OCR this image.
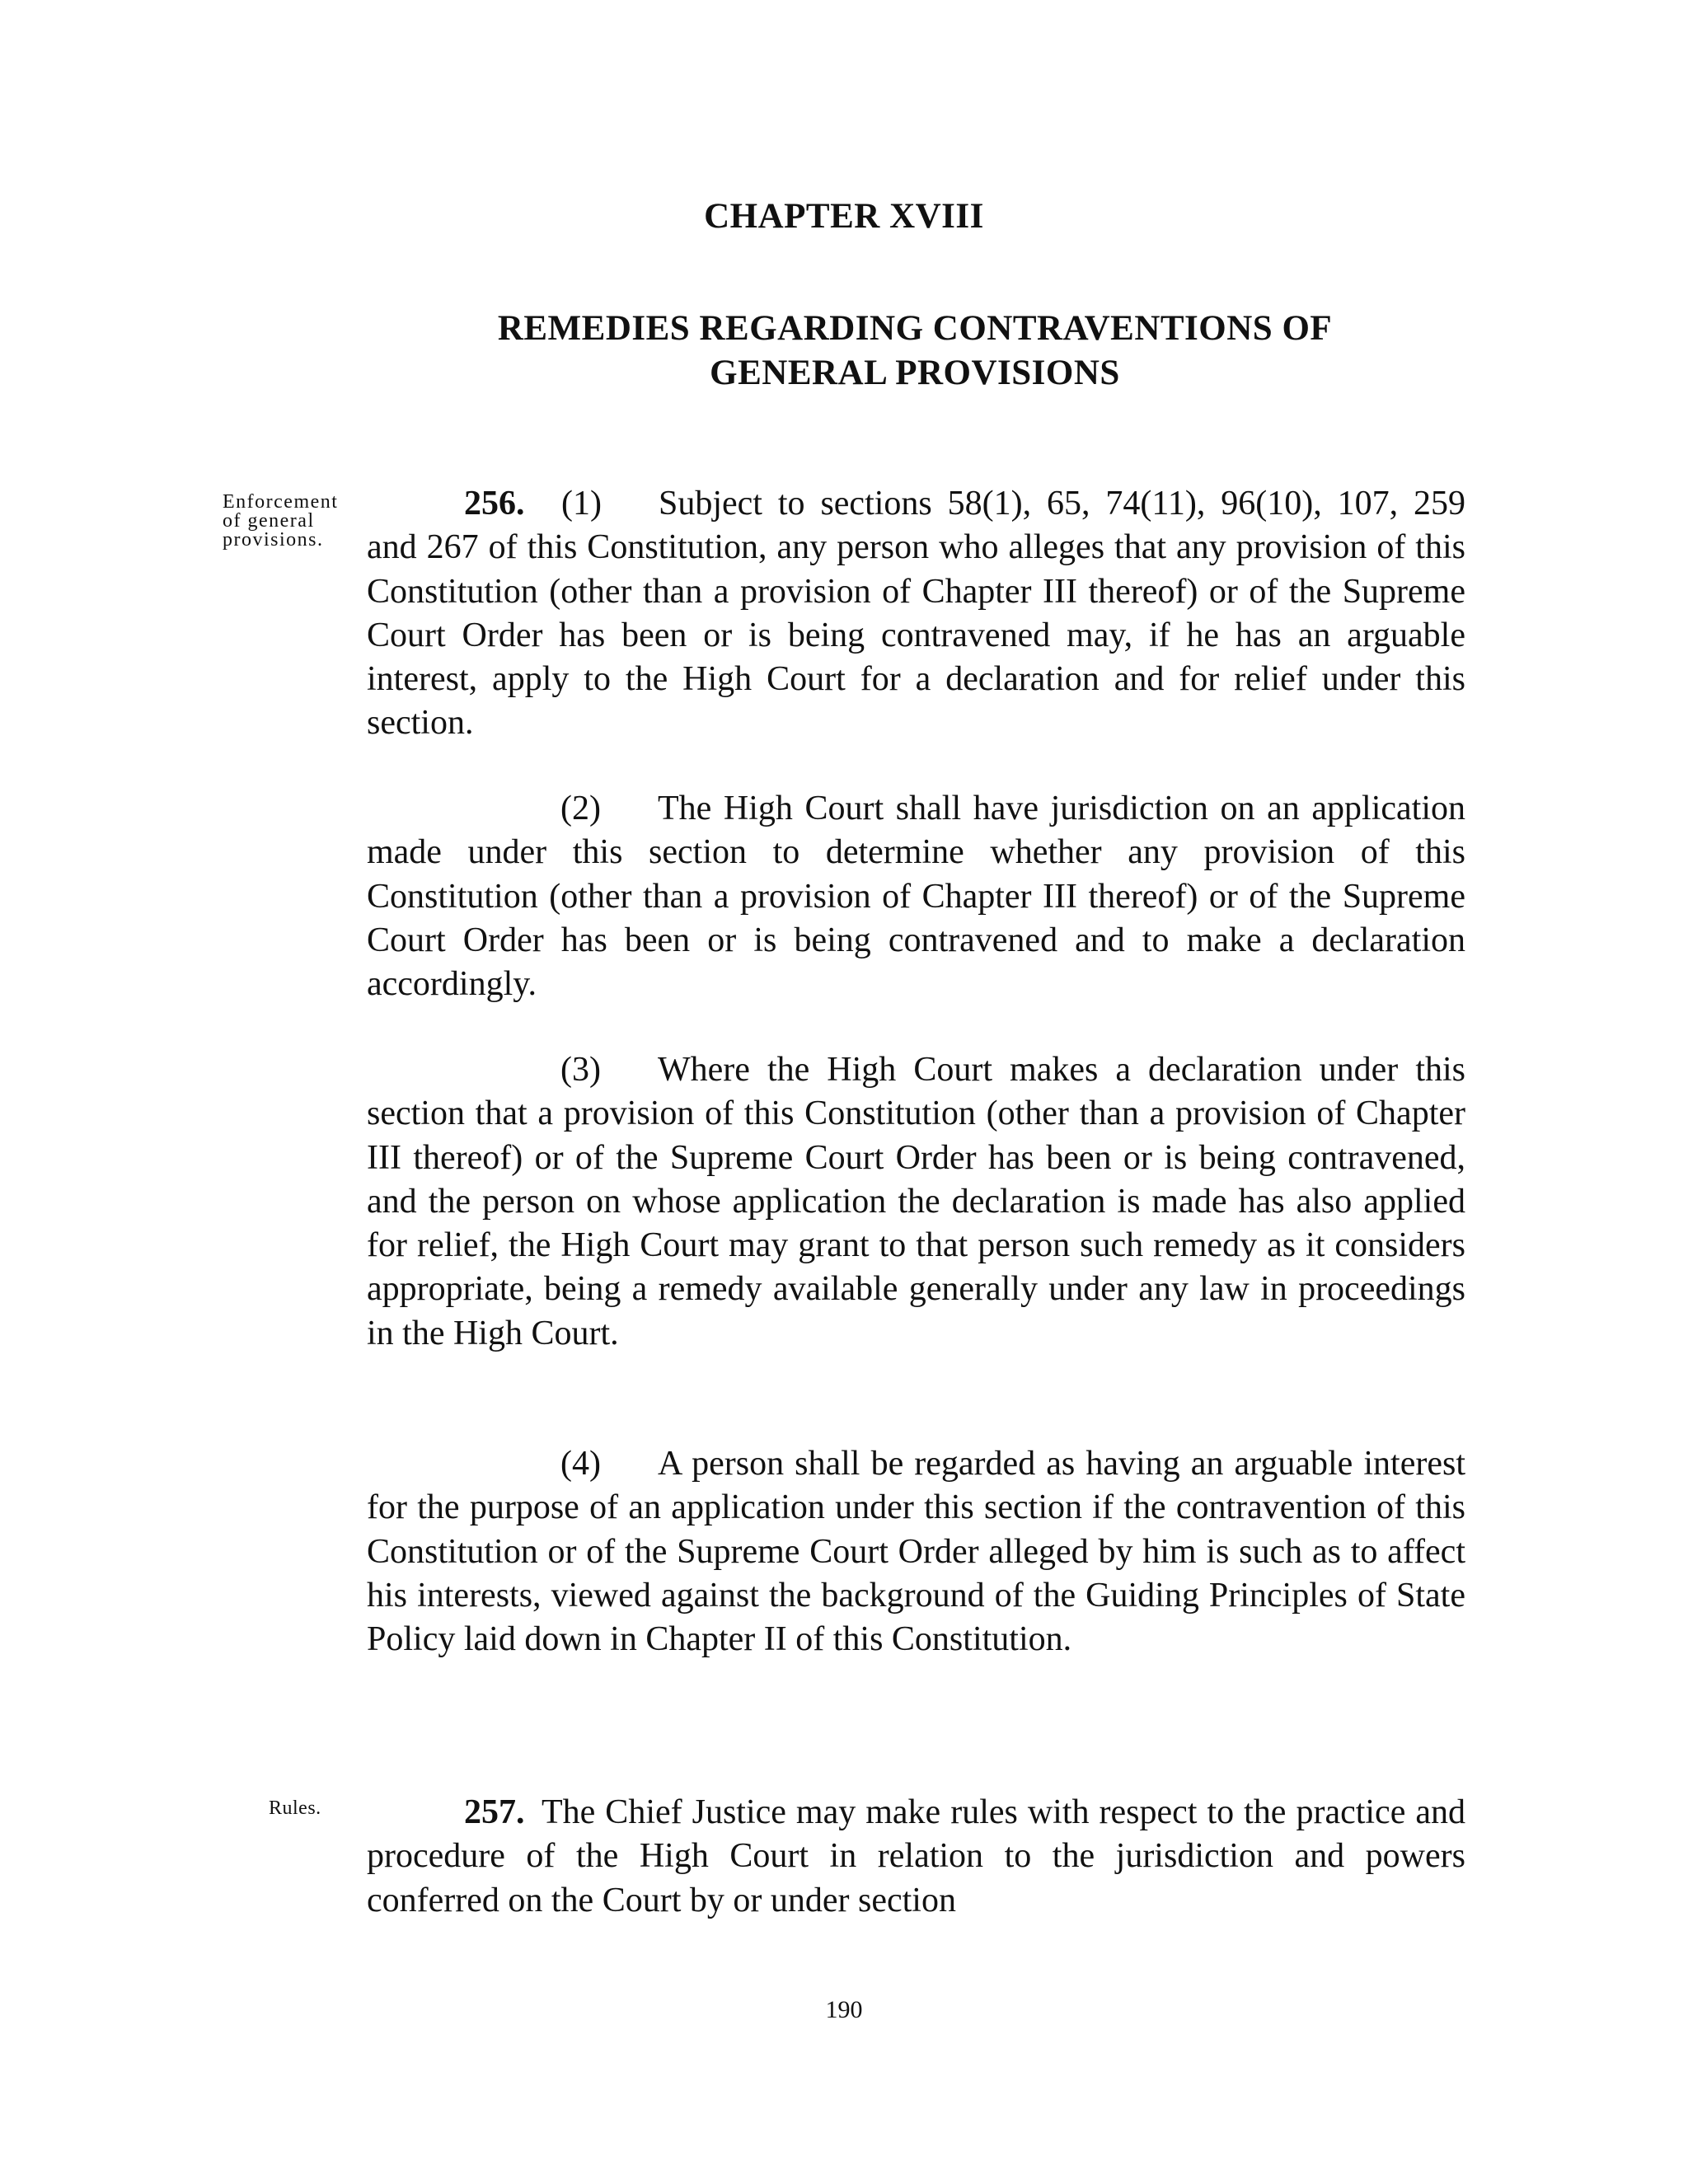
CHAPTER XVIII
REMEDIES REGARDING CONTRAVENTIONS OF
GENERAL PROVISIONS
Enforcement
of general
provisions.
256. (1) Subject to sections 58(1), 65, 74(11), 96(10), 107, 259 and 267 of this Constitution, any person who alleges that any provision of this Constitution (other than a provision of Chapter III thereof) or of the Supreme Court Order has been or is being contravened may, if he has an arguable interest, apply to the High Court for a declaration and for relief under this section.
(2) The High Court shall have jurisdiction on an application made under this section to determine whether any provision of this Constitution (other than a provision of Chapter III thereof) or of the Supreme Court Order has been or is being contravened and to make a declaration accordingly.
(3) Where the High Court makes a declaration under this section that a provision of this Constitution (other than a provision of Chapter III thereof) or of the Supreme Court Order has been or is being contravened, and the person on whose application the declaration is made has also applied for relief, the High Court may grant to that person such remedy as it considers appropriate, being a remedy available generally under any law in proceedings in the High Court.
(4) A person shall be regarded as having an arguable interest for the purpose of an application under this section if the contravention of this Constitution or of the Supreme Court Order alleged by him is such as to affect his interests, viewed against the background of the Guiding Principles of State Policy laid down in Chapter II of this Constitution.
Rules.	257. The Chief Justice may make rules with respect to the practice and procedure of the High Court in relation to the jurisdiction and powers conferred on the Court by or under section
190
